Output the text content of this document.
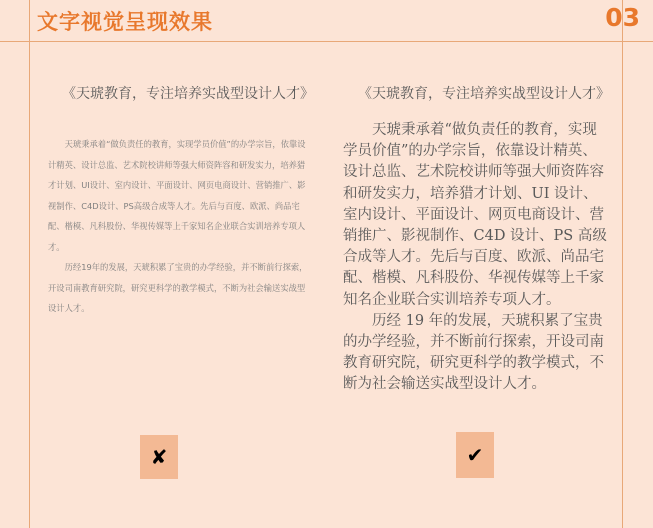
文字视觉呈现效果	03
《天琥教育，专注培养实战型设计人才》

天琥秉承着“做负责任的教育，实现学员价值”的办学宗旨，依靠设计精英、设计总监、艺术院校讲师等强大师资阵容和研发实力，培养猎才计划、UI设计、室内设计、平面设计、网页电商设计、营销推广、影视制作、C4D设计、PS高级合成等人才。先后与百度、欧派、尚品宅配、楷模、凡科股份、华视传媒等上千家知名企业联合实训培养专项人才。

历经19年的发展，天琥积累了宝贵的办学经验，并不断前行探索，开设司南教育研究院，研究更科学的教学模式，不断为社会输送实战型设计人才。

✘
《天琥教育，专注培养实战型设计人才》

天琥秉承着“做负责任的教育，实现学员价值”的办学宗旨，依靠设计精英、设计总监、艺术院校讲师等强大师资阵容和研发实力，培养猎才计划、UI 设计、室内设计、平面设计、网页电商设计、营销推广、影视制作、C4D 设计、PS 高级合成等人才。先后与百度、欧派、尚品宅配、楷模、凡科股份、华视传媒等上千家知名企业联合实训培养专项人才。

历经 19 年的发展，天琥积累了宝贵的办学经验，并不断前行探索，开设司南教育研究院，研究更科学的教学模式，不断为社会输送实战型设计人才。

✔
